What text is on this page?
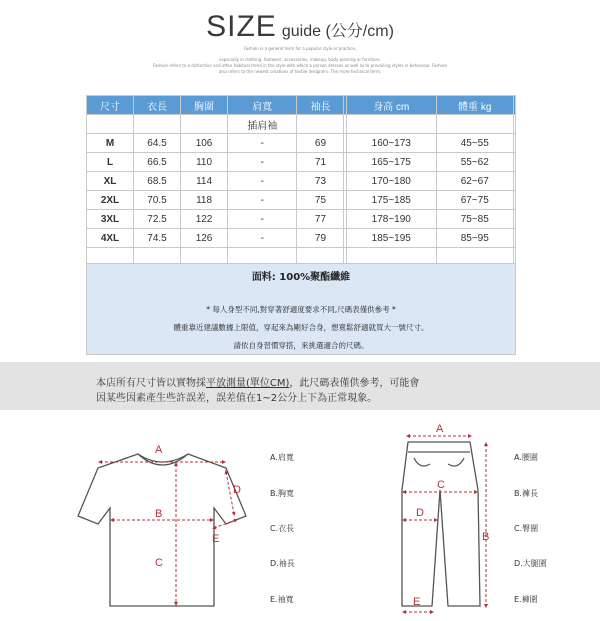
SIZE guide (公分/cm)
Fashion is a general term for a popular style or practice,
especially in clothing, footwear, accessories, makeup, body piercing or furniture.
Fashion refers to a distinctive and often habitual trend in the style with which a person dresses as well as to prevailing styles in behaviour. Fashion
also refers to the newest creations of textile designers. The more technical term,
尺寸	衣長	胸圍	肩寬	袖長		身高 cm	體重 kg	
			插肩袖					
M	64.5	106	-	69		160~173	45~55	
L	66.5	110	-	71		165~175	55~62	
XL	68.5	114	-	73		170~180	62~67	
2XL	70.5	118	-	75		175~185	67~75	
3XL	72.5	122	-	77		178~190	75~85	
4XL	74.5	126	-	79		185~195	85~95	

面料: 100%聚酯纖維
* 每人身型不同,對穿著舒適度要求不同,尺碼表僅供參考 *
體重靠近建議數據上限值，穿起來為剛好合身，想寬鬆舒適就買大一號尺寸。
請依自身習慣穿搭，來挑選適合的尺碼。
本店所有尺寸皆以實物採平放測量(單位CM)，此尺碼表僅供參考，可能會
因某些因素產生些許誤差，誤差值在1~2公分上下為正常現象。
A
B
C
D
E
A
C
D
B
E
A.肩寬
B.胸寬
C.衣長
D.袖長
E.袖寬
A.腰圍
B.褲長
C.臀圍
D.大腿圍
E.褲圍
